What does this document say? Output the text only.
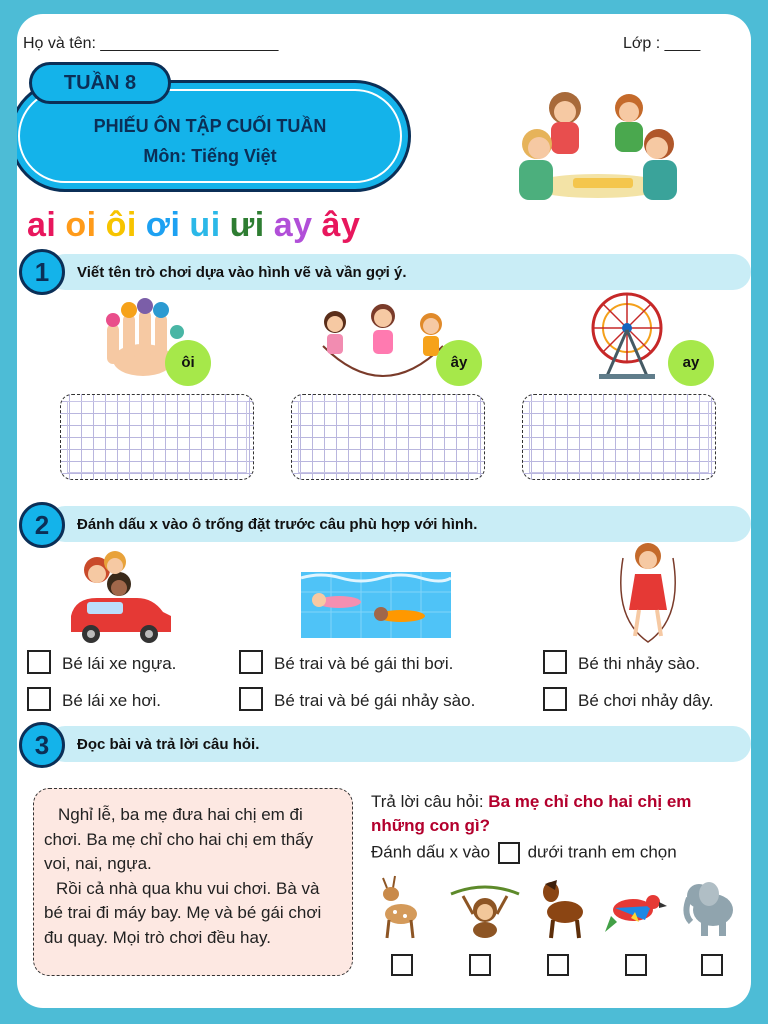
Họ và tên: ____________________	Lớp : ____
PHIẾU ÔN TẬP CUỐI TUẦN
Môn: Tiếng Việt
TUẦN 8
ai oi ôi ơi ui ưi ay ây
1	Viết tên trò chơi dựa vào hình vẽ và vần gợi ý.
ôi	ây	ay
2	Đánh dấu x vào ô trống đặt trước câu phù hợp với hình.
Bé lái xe ngựa.
Bé lái xe hơi.
Bé trai và bé gái thi bơi.
Bé trai và bé gái nhảy sào.
Bé thi nhảy sào.
Bé chơi nhảy dây.
3	Đọc bài và trả lời câu hỏi.

Nghỉ lễ, ba mẹ đưa hai chị em đi chơi. Ba mẹ chỉ cho hai chị em thấy voi, nai, ngựa.

Rồi cả nhà qua khu vui chơi. Bà và bé trai đi máy bay. Mẹ và bé gái chơi đu quay. Mọi trò chơi đều hay.

Trả lời câu hỏi: Ba mẹ chỉ cho hai chị em những con gì?
Đánh dấu x vào dưới tranh em chọn
